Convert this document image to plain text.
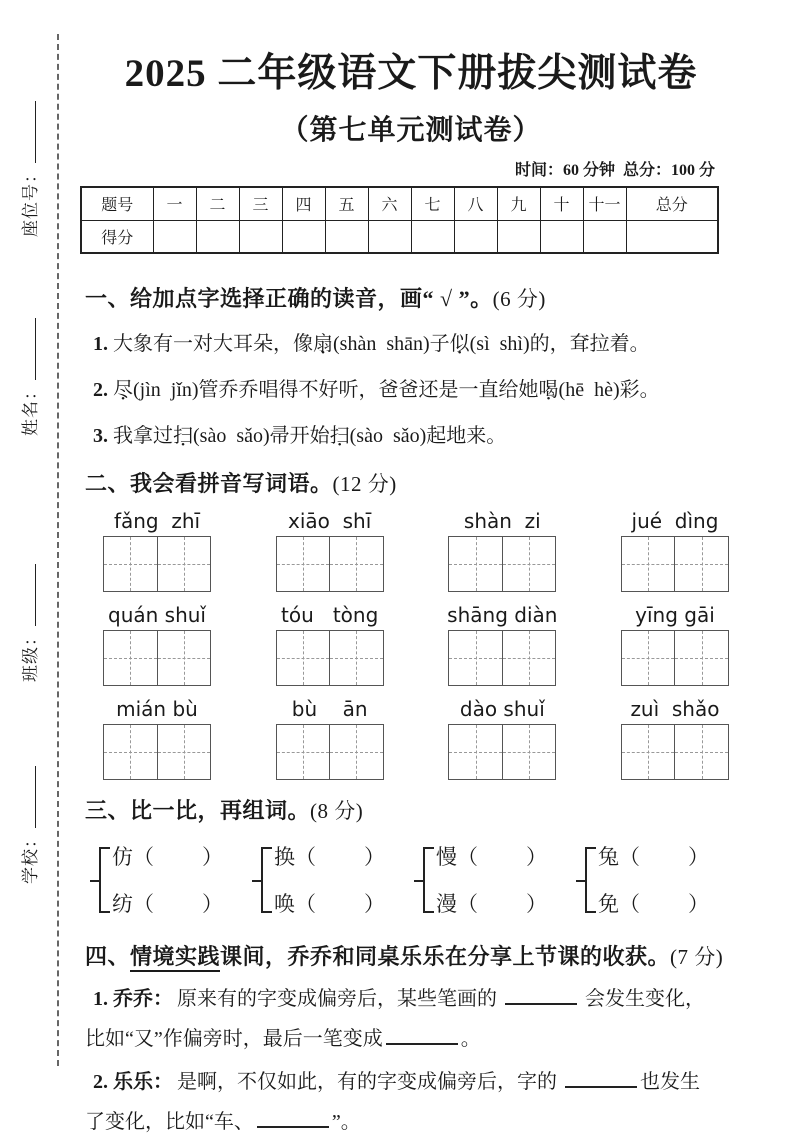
座位号：
姓名：
班级：
学校：
2025 二年级语文下册拔尖测试卷
（第七单元测试卷）
时间：60 分钟  总分：100 分
题号	一	二	三	四	五	六	七	八	九	十	十一	总分
得分												
一、给加点字选择正确的读音，画“ √ ”。(6 分)
1. 大象有一对大耳朵，像扇(shàn  shān)子似(sì  shì)的，耷拉着。
2. 尽(jìn  jǐn)管乔乔唱得不好听，爸爸还是一直给她喝(hē  hè)彩。
3. 我拿过扫(sào  sǎo)帚开始扫(sào  sǎo)起地来。
二、我会看拼音写词语。(12 分)
fǎng  zhī	xiāo  shī	shàn  zi	jué  dìng
quán shuǐ	tóu   tòng	shāng diàn	yīng gāi
mián bù	bù    ān	dào shuǐ	zuì  shǎo
三、比一比，再组词。(8 分)
仿（ ）
纺（ ）
换（ ）
唤（ ）
慢（ ）
漫（ ）
兔（ ）
免（ ）
四、情境实践课间，乔乔和同桌乐乐在分享上节课的收获。(7 分)
1. 乔乔： 原来有的字变成偏旁后，某些笔画的	会发生变化，
比如“又”作偏旁时，最后一笔变成	。
2. 乐乐： 是啊，不仅如此，有的字变成偏旁后，字的	也发生
了变化，比如“车、	”。
